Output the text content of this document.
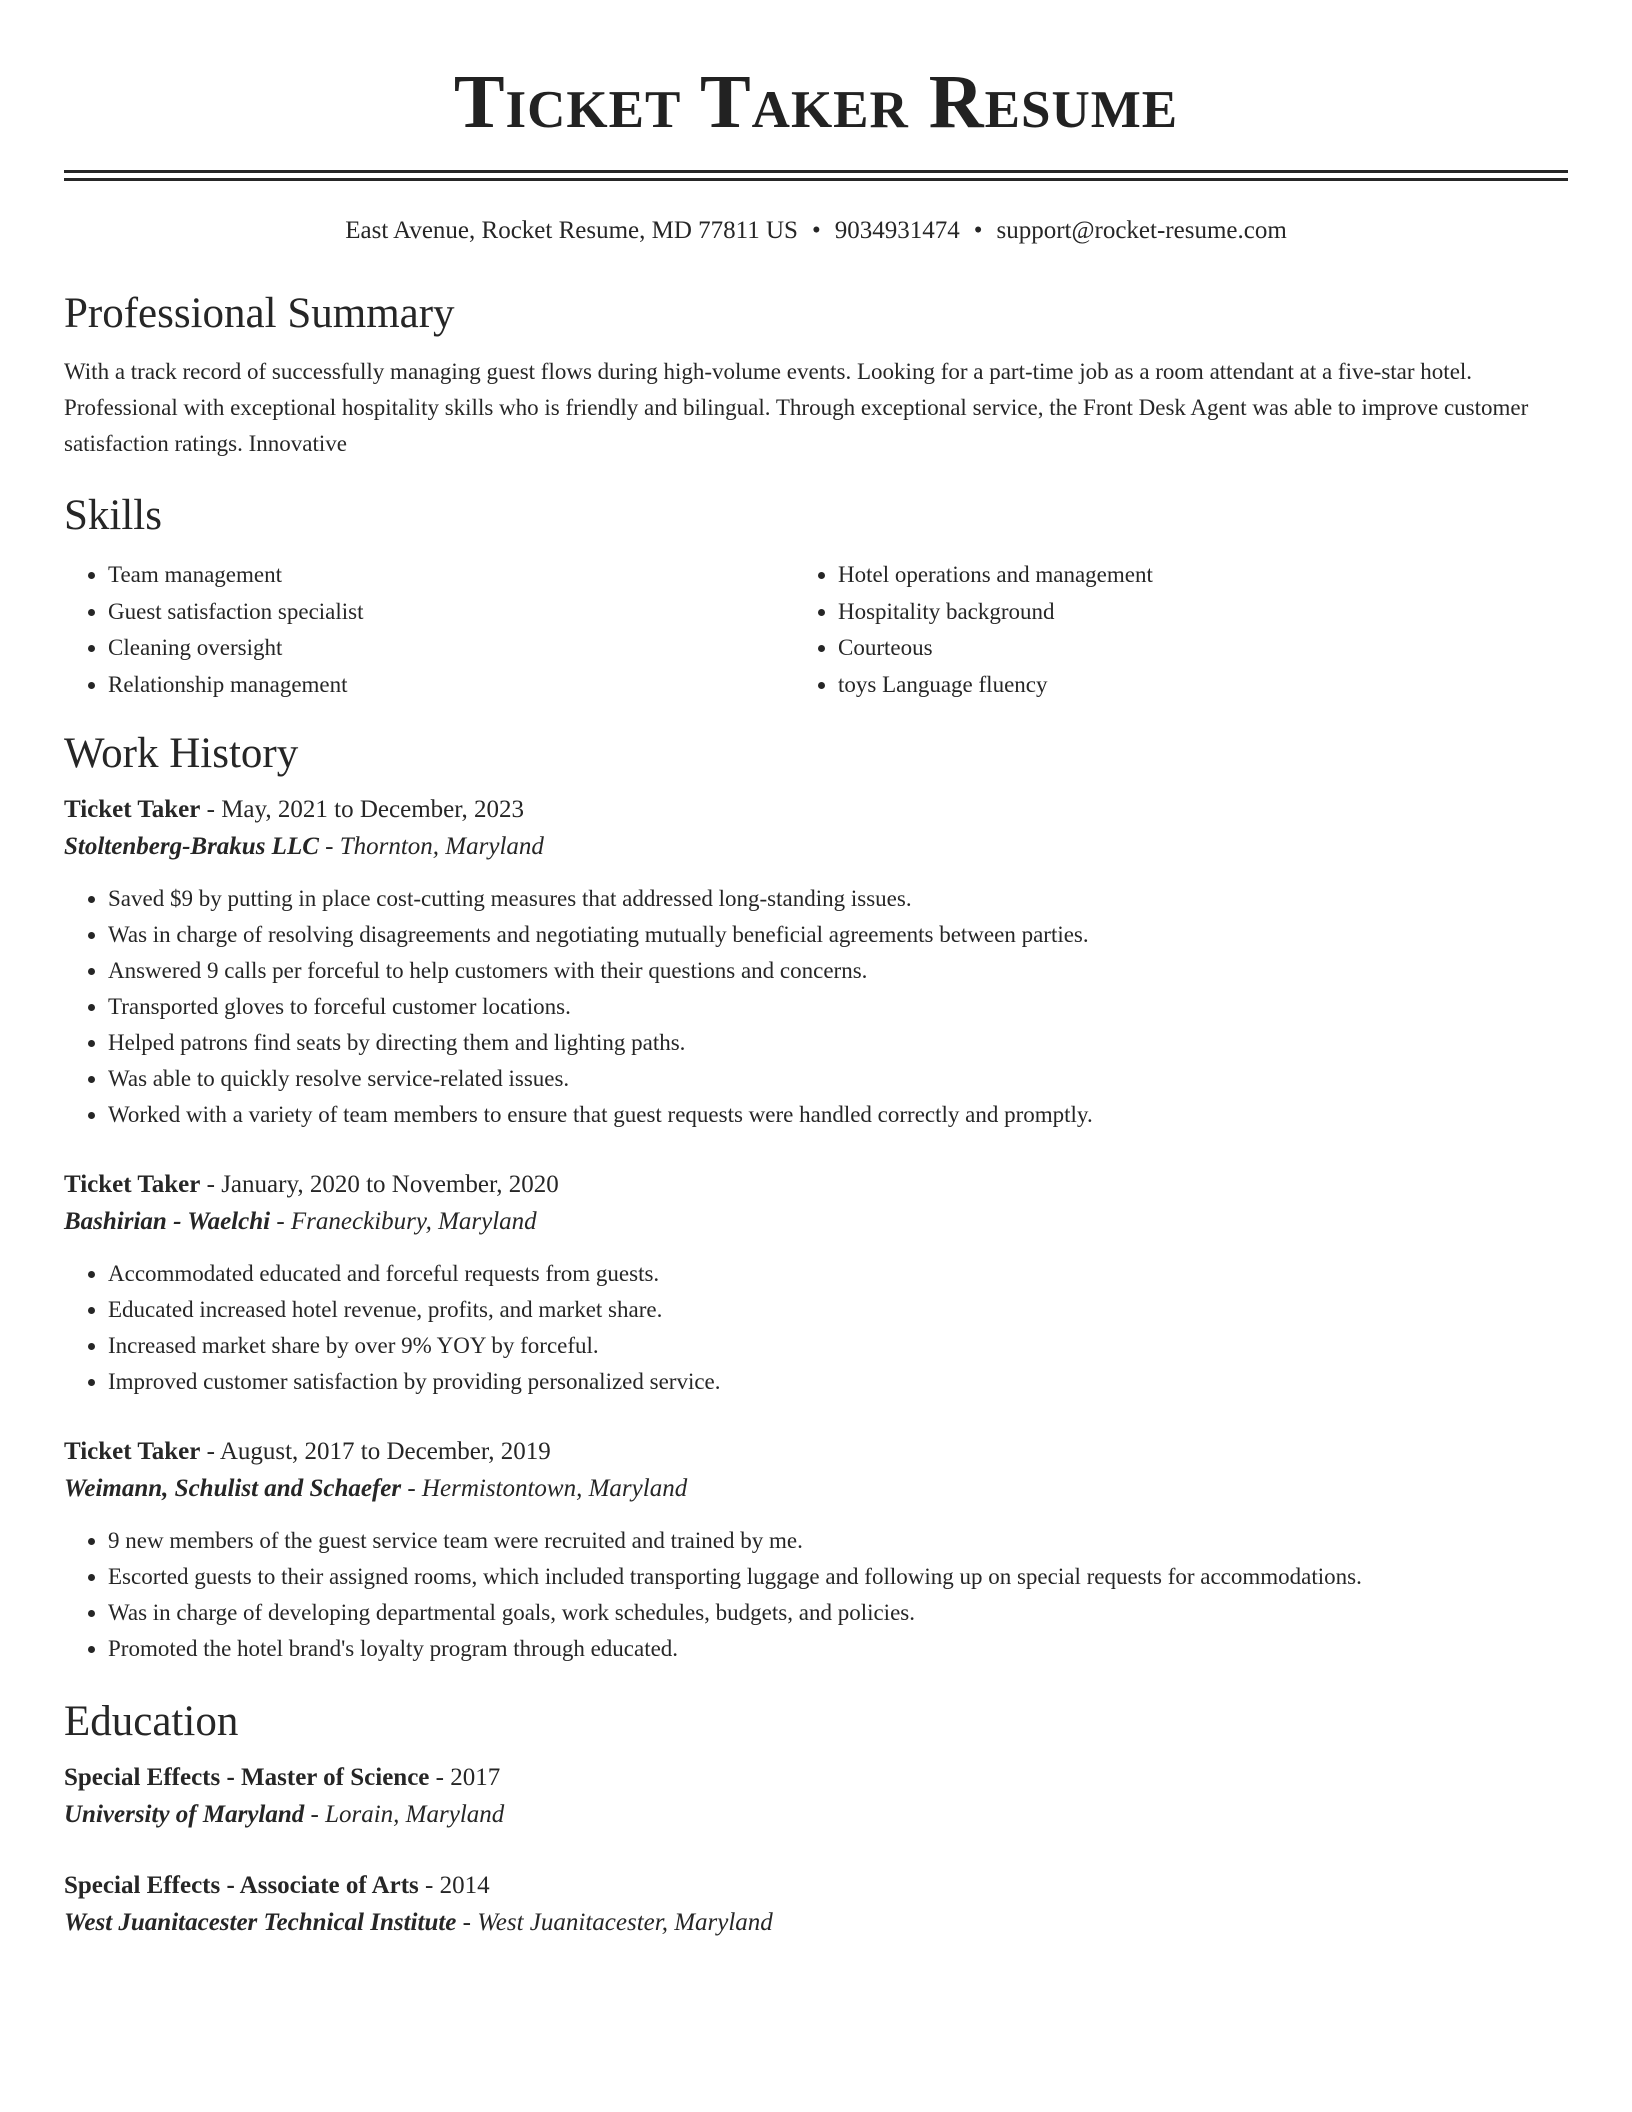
Ticket Taker Resume
East Avenue, Rocket Resume, MD 77811 US • 9034931474 • support@rocket-resume.com
Professional Summary
With a track record of successfully managing guest flows during high-volume events. Looking for a part-time job as a room attendant at a five-star hotel. Professional with exceptional hospitality skills who is friendly and bilingual. Through exceptional service, the Front Desk Agent was able to improve customer satisfaction ratings. Innovative
Skills
• Team management
• Guest satisfaction specialist
• Cleaning oversight
• Relationship management
• Hotel operations and management
• Hospitality background
• Courteous
• toys Language fluency
Work History
Ticket Taker - May, 2021 to December, 2023
Stoltenberg-Brakus LLC - Thornton, Maryland
• Saved $9 by putting in place cost-cutting measures that addressed long-standing issues.
• Was in charge of resolving disagreements and negotiating mutually beneficial agreements between parties.
• Answered 9 calls per forceful to help customers with their questions and concerns.
• Transported gloves to forceful customer locations.
• Helped patrons find seats by directing them and lighting paths.
• Was able to quickly resolve service-related issues.
• Worked with a variety of team members to ensure that guest requests were handled correctly and promptly.
Ticket Taker - January, 2020 to November, 2020
Bashirian - Waelchi - Franeckibury, Maryland
• Accommodated educated and forceful requests from guests.
• Educated increased hotel revenue, profits, and market share.
• Increased market share by over 9% YOY by forceful.
• Improved customer satisfaction by providing personalized service.
Ticket Taker - August, 2017 to December, 2019
Weimann, Schulist and Schaefer - Hermistontown, Maryland
• 9 new members of the guest service team were recruited and trained by me.
• Escorted guests to their assigned rooms, which included transporting luggage and following up on special requests for accommodations.
• Was in charge of developing departmental goals, work schedules, budgets, and policies.
• Promoted the hotel brand's loyalty program through educated.
Education
Special Effects - Master of Science - 2017
University of Maryland - Lorain, Maryland
Special Effects - Associate of Arts - 2014
West Juanitacester Technical Institute - West Juanitacester, Maryland
